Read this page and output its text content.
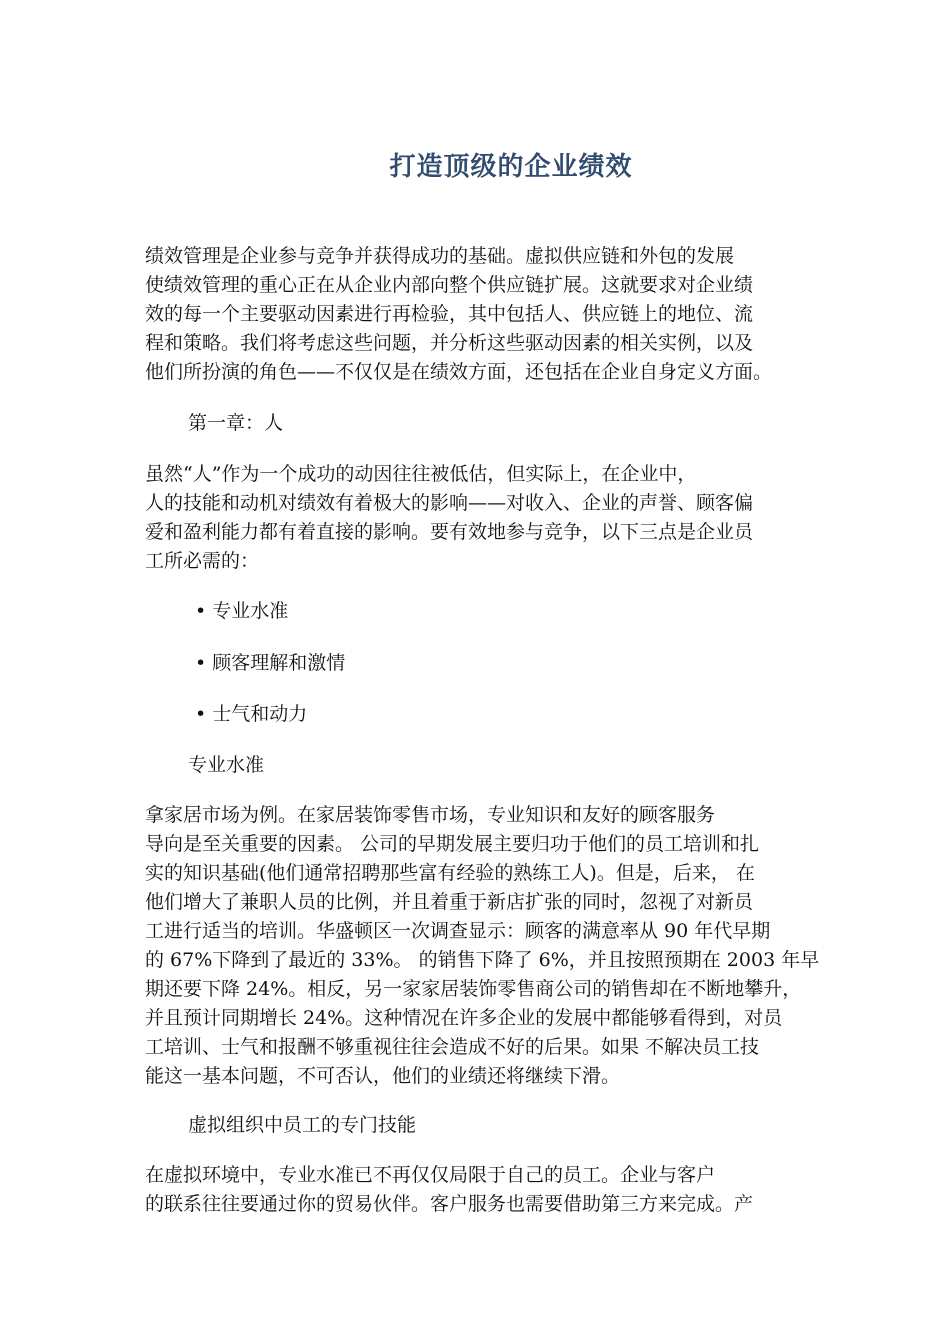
打造顶级的企业绩效
绩效管理是企业参与竞争并获得成功的基础。虚拟供应链和外包的发展
使绩效管理的重心正在从企业内部向整个供应链扩展。这就要求对企业绩
效的每一个主要驱动因素进行再检验，其中包括人、供应链上的地位、流
程和策略。我们将考虑这些问题，并分析这些驱动因素的相关实例，以及
他们所扮演的角色——不仅仅是在绩效方面，还包括在企业自身定义方面。
第一章：人
虽然“人”作为一个成功的动因往往被低估，但实际上，在企业中，
人的技能和动机对绩效有着极大的影响——对收入、企业的声誉、顾客偏
爱和盈利能力都有着直接的影响。要有效地参与竞争，以下三点是企业员
工所必需的：
• 专业水准
• 顾客理解和激情
• 士气和动力
专业水准
拿家居市场为例。在家居装饰零售市场，专业知识和友好的顾客服务
导向是至关重要的因素。 公司的早期发展主要归功于他们的员工培训和扎
实的知识基础(他们通常招聘那些富有经验的熟练工人)。但是，后来， 在
他们增大了兼职人员的比例，并且着重于新店扩张的同时，忽视了对新员
工进行适当的培训。华盛顿区一次调查显示：顾客的满意率从 90 年代早期
的 67%下降到了最近的 33%。 的销售下降了 6%，并且按照预期在 2003 年早
期还要下降 24%。相反，另一家家居装饰零售商公司的销售却在不断地攀升，
并且预计同期增长 24%。这种情况在许多企业的发展中都能够看得到，对员
工培训、士气和报酬不够重视往往会造成不好的后果。如果 不解决员工技
能这一基本问题，不可否认，他们的业绩还将继续下滑。
虚拟组织中员工的专门技能
在虚拟环境中，专业水准已不再仅仅局限于自己的员工。企业与客户
的联系往往要通过你的贸易伙伴。客户服务也需要借助第三方来完成。产
